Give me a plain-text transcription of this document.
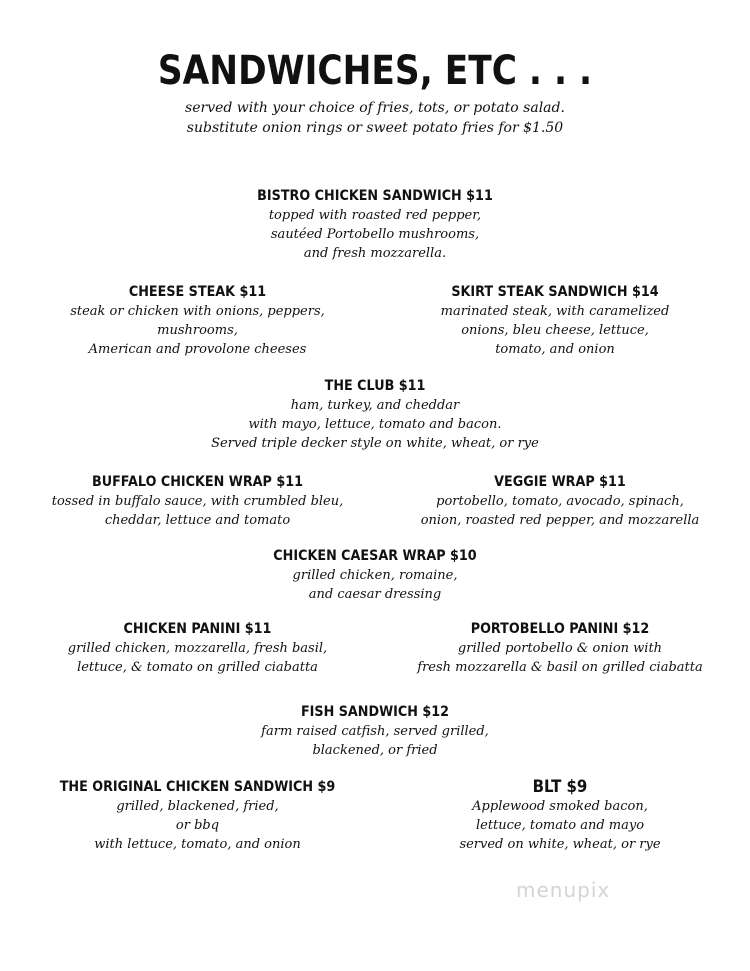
SANDWICHES, ETC . . .
served with your choice of fries, tots, or potato salad.
substitute onion rings or sweet potato fries for $1.50
BISTRO CHICKEN SANDWICH $11
topped with roasted red pepper,
sautéed Portobello mushrooms,
and fresh mozzarella.
CHEESE STEAK $11
steak or chicken with onions, peppers,
mushrooms,
American and provolone cheeses
SKIRT STEAK SANDWICH $14
marinated steak, with caramelized
onions, bleu cheese, lettuce,
tomato, and onion
THE CLUB $11
ham, turkey, and cheddar
with mayo, lettuce, tomato and bacon.
Served triple decker style on white, wheat, or rye
BUFFALO CHICKEN WRAP $11
tossed in buffalo sauce, with crumbled bleu,
cheddar, lettuce and tomato
VEGGIE WRAP $11
portobello, tomato, avocado, spinach,
onion, roasted red pepper, and mozzarella
CHICKEN CAESAR WRAP $10
grilled chicken, romaine,
and caesar dressing
CHICKEN PANINI $11
grilled chicken, mozzarella, fresh basil,
lettuce, & tomato on grilled ciabatta
PORTOBELLO PANINI $12
grilled portobello & onion with
fresh mozzarella & basil on grilled ciabatta
FISH SANDWICH $12
farm raised catfish, served grilled,
blackened, or fried
THE ORIGINAL CHICKEN SANDWICH $9
grilled, blackened, fried,
or bbq
with lettuce, tomato, and onion
BLT $9
Applewood smoked bacon,
lettuce, tomato and mayo
served on white, wheat, or rye
menupix
